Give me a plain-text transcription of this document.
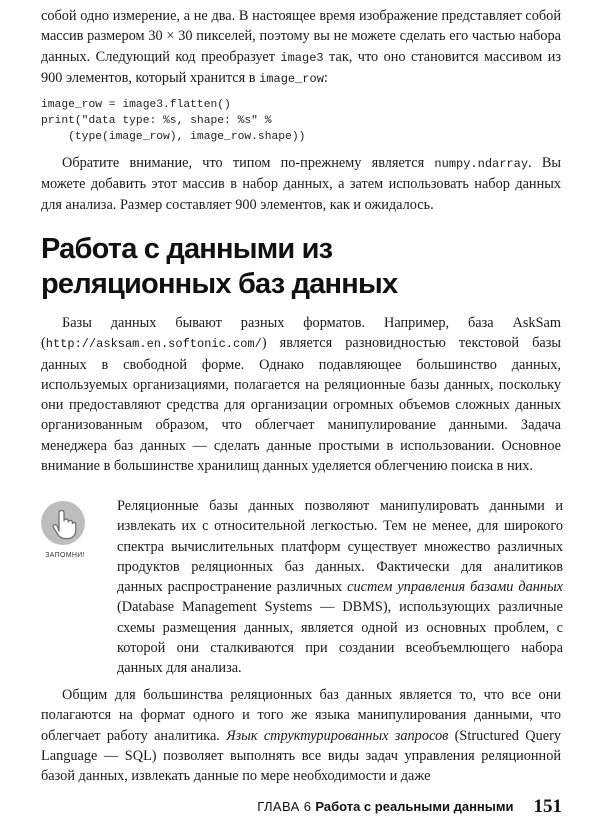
собой одно измерение, а не два. В настоящее время изображение представляет собой массив размером 30 × 30 пикселей, поэтому вы не можете сделать его частью набора данных. Следующий код преобразует image3 так, что оно становится массивом из 900 элементов, который хранится в image_row:

image_row = image3.flatten()
print("data type: %s, shape: %s" %
(type(image_row), image_row.shape))

Обратите внимание, что типом по-прежнему является numpy.ndarray. Вы можете добавить этот массив в набор данных, а затем использовать набор данных для анализа. Размер составляет 900 элементов, как и ожидалось.

Работа с данными из
реляционных баз данных

Базы данных бывают разных форматов. Например, база AskSam (http://asksam.en.softonic.com/) является разновидностью текстовой базы данных в свободной форме. Однако подавляющее большинство данных, используемых организациями, полагается на реляционные базы данных, поскольку они предоставляют средства для организации огромных объемов сложных данных организованным образом, что облегчает манипулирование данными. Задача менеджера баз данных — сделать данные простыми в использовании. Основное внимание в большинстве хранилищ данных уделяется облегчению поиска в них.

ЗАПОМНИ!

Реляционные базы данных позволяют манипулировать данными и извлекать их с относительной легкостью. Тем не менее, для широкого спектра вычислительных платформ существует множество различных продуктов реляционных баз данных. Фактически для аналитиков данных распространение различных систем управления базами данных (Database Management Systems — DBMS), использующих различные схемы размещения данных, является одной из основных проблем, с которой они сталкиваются при создании всеобъемлющего набора данных для анализа.

Общим для большинства реляционных баз данных является то, что все они полагаются на формат одного и того же языка манипулирования данными, что облегчает работу аналитика. Язык структурированных запросов (Structured Query Language — SQL) позволяет выполнять все виды задач управления реляционной базой данных, извлекать данные по мере необходимости и даже

ГЛАВА 6 Работа с реальными данными 151
